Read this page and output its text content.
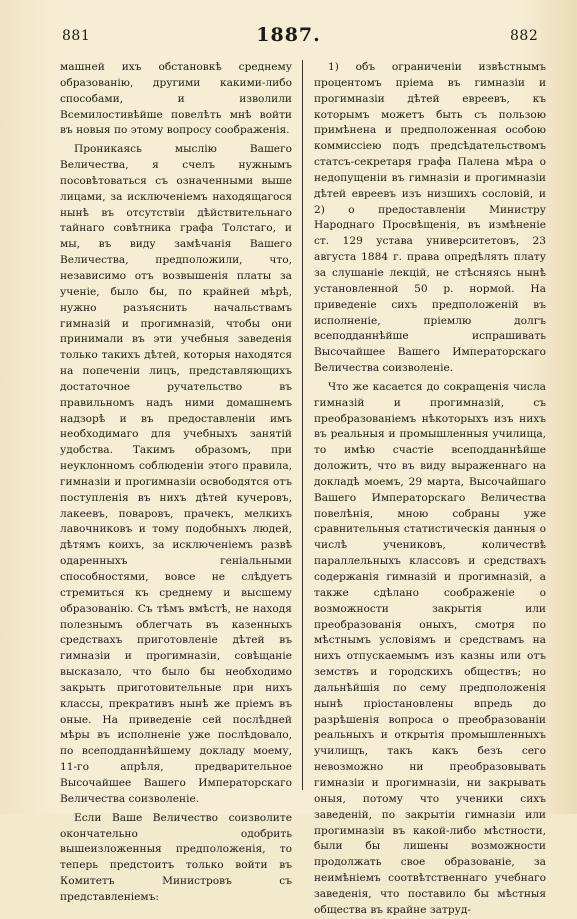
881	1887.	882

машней ихъ обстановкѣ среднему образованію, другими какими-либо способами, и изволили Всемилостивѣйше повелѣть мнѣ войти въ новыя по этому вопросу соображенія.

Проникаясь мыслію Вашего Величества, я счелъ нужнымъ посовѣтоваться съ означенными выше лицами, за исключеніемъ находящагося нынѣ въ отсутствіи дѣйствительнаго тайнаго совѣтника графа Толстаго, и мы, въ виду замѣчанія Вашего Величества, предположили, что, независимо отъ возвышенія платы за ученіе, было бы, по крайней мѣрѣ, нужно разъяснить начальствамъ гимназій и прогимназій, чтобы они принимали въ эти учебныя заведенія только такихъ дѣтей, которыя находятся на попеченіи лицъ, представляющихъ достаточное ручательство въ правильномъ надъ ними домашнемъ надзорѣ и въ предоставленіи имъ необходимаго для учебныхъ занятій удобства. Такимъ образомъ, при неуклонномъ соблюденіи этого правила, гимназіи и прогимназіи освободятся отъ поступленія въ нихъ дѣтей кучеровъ, лакеевъ, поваровъ, прачекъ, мелкихъ лавочниковъ и тому подобныхъ людей, дѣтямъ коихъ, за исключеніемъ развѣ одаренныхъ геніальными способностями, вовсе не слѣдуетъ стремиться къ среднему и высшему образованію. Съ тѣмъ вмѣстѣ, не находя полезнымъ облегчать въ казенныхъ средствахъ приготовленіе дѣтей въ гимназіи и прогимназіи, совѣщаніе высказало, что было бы необходимо закрыть приготовительные при нихъ классы, прекративъ нынѣ же пріемъ въ оные. На приведеніе сей послѣдней мѣры въ исполненіе уже послѣдовало, по всеподданнѣйшему докладу моему, 11-го апрѣля, предварительное Высочайшее Вашего Императорскаго Величества соизволеніе.

Если Ваше Величество соизволите окончательно одобрить вышеизложенныя предположенія, то теперь предстоитъ только войти въ Комитетъ Министровъ съ представленіемъ:

1) объ ограниченіи извѣстнымъ процентомъ пріема въ гимназіи и прогимназіи дѣтей евреевъ, къ которымъ можетъ быть съ пользою примѣнена и предположенная особою коммиссіею подъ предсѣдательствомъ статсъ-секретаря графа Палена мѣра о недопущеніи въ гимназіи и прогимназіи дѣтей евреевъ изъ низшихъ сословій, и 2) о предоставленіи Министру Народнаго Просвѣщенія, въ измѣненіе ст. 129 устава университетовъ, 23 августа 1884 г. права опредѣлять плату за слушаніе лекцій, не стѣсняясь нынѣ установленной 50 р. нормой. На приведеніе сихъ предположеній въ исполненіе, пріемлю долгъ всеподданнѣйше испрашивать Высочайшее Вашего Императорскаго Величества соизволеніе.

Что же касается до сокращенія числа гимназій и прогимназій, съ преобразованіемъ нѣкоторыхъ изъ нихъ въ реальныя и промышленныя училища, то имѣю счастіе всеподданнѣйше доложить, что въ виду выраженнаго на докладѣ моемъ, 29 марта, Высочайшаго Вашего Императорскаго Величества повелѣнія, мною собраны уже сравнительныя статистическія данныя о числѣ учениковъ, количествѣ параллельныхъ классовъ и средствахъ содержанія гимназій и прогимназій, а также сдѣлано соображеніе о возможности закрытія или преобразованія оныхъ, смотря по мѣстнымъ условіямъ и средствамъ на нихъ отпускаемымъ изъ казны или отъ земствъ и городскихъ обществъ; но дальнѣйшія по сему предположенія нынѣ пріостановлены впредь до разрѣшенія вопроса о преобразованіи реальныхъ и открытія промышленныхъ училищъ, такъ какъ безъ сего невозможно ни преобразовывать гимназіи и прогимназіи, ни закрывать оныя, потому что ученики сихъ заведеній, по закрытіи гимназіи или прогимназіи въ какой-либо мѣстности, были бы лишены возможности продолжать свое образованіе, за неимѣніемъ соотвѣтственнаго учебнаго заведенія, что поставило бы мѣстныя общества въ крайне затруд-
